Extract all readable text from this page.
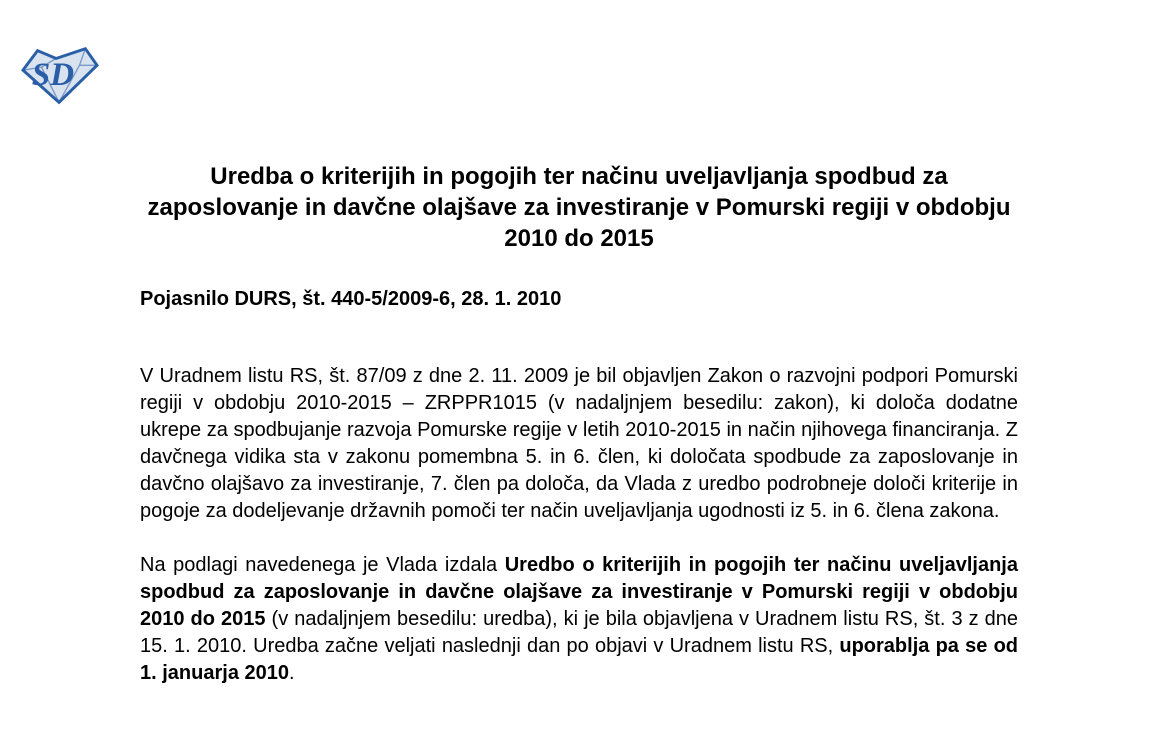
SD
Uredba o kriterijih in pogojih ter načinu uveljavljanja spodbud za zaposlovanje in davčne olajšave za investiranje v Pomurski regiji v obdobju 2010 do 2015
Pojasnilo DURS, št. 440-5/2009-6, 28. 1. 2010

V Uradnem listu RS, št. 87/09 z dne 2. 11. 2009 je bil objavljen Zakon o razvojni podpori Pomurski regiji v obdobju 2010-2015 – ZRPPR1015 (v nadaljnjem besedilu: zakon), ki določa dodatne ukrepe za spodbujanje razvoja Pomurske regije v letih 2010-2015 in način njihovega financiranja. Z davčnega vidika sta v zakonu pomembna 5. in 6. člen, ki določata spodbude za zaposlovanje in davčno olajšavo za investiranje, 7. člen pa določa, da Vlada z uredbo podrobneje določi kriterije in pogoje za dodeljevanje državnih pomoči ter način uveljavljanja ugodnosti iz 5. in 6. člena zakona.

Na podlagi navedenega je Vlada izdala Uredbo o kriterijih in pogojih ter načinu uveljavljanja spodbud za zaposlovanje in davčne olajšave za investiranje v Pomurski regiji v obdobju 2010 do 2015 (v nadaljnjem besedilu: uredba), ki je bila objavljena v Uradnem listu RS, št. 3 z dne 15. 1. 2010. Uredba začne veljati naslednji dan po objavi v Uradnem listu RS, uporablja pa se od 1. januarja 2010.
